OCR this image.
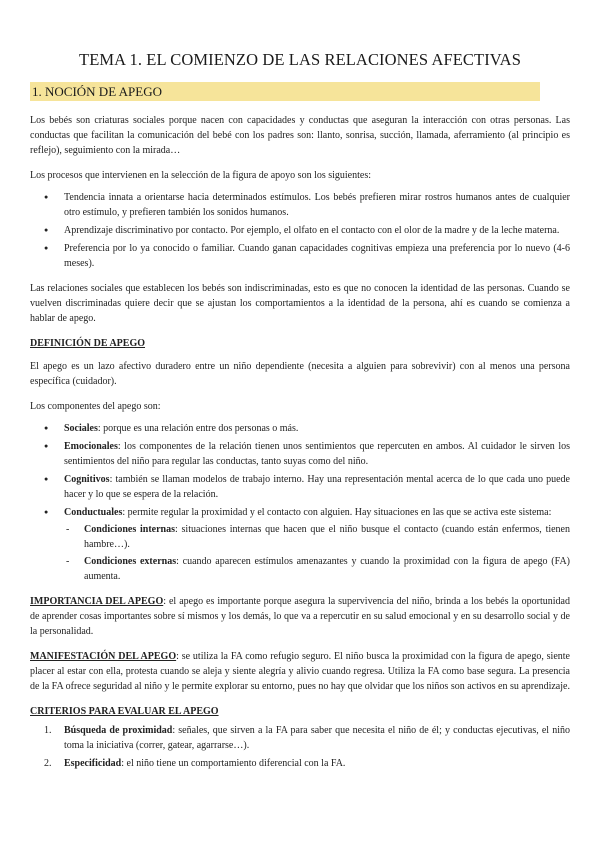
TEMA 1. EL COMIENZO DE LAS RELACIONES AFECTIVAS
1. NOCIÓN DE APEGO

Los bebés son criaturas sociales porque nacen con capacidades y conductas que aseguran la interacción con otras personas. Las conductas que facilitan la comunicación del bebé con los padres son: llanto, sonrisa, succión, llamada, aferramiento (al principio es reflejo), seguimiento con la mirada…

Los procesos que intervienen en la selección de la figura de apoyo son los siguientes:

● Tendencia innata a orientarse hacia determinados estímulos. Los bebés prefieren mirar rostros humanos antes de cualquier otro estímulo, y prefieren también los sonidos humanos.
● Aprendizaje discriminativo por contacto. Por ejemplo, el olfato en el contacto con el olor de la madre y de la leche materna.
● Preferencia por lo ya conocido o familiar. Cuando ganan capacidades cognitivas empieza una preferencia por lo nuevo (4-6 meses).

Las relaciones sociales que establecen los bebés son indiscriminadas, esto es que no conocen la identidad de las personas. Cuando se vuelven discriminadas quiere decir que se ajustan los comportamientos a la identidad de la persona, ahí es cuando se comienza a hablar de apego.

DEFINICIÓN DE APEGO

El apego es un lazo afectivo duradero entre un niño dependiente (necesita a alguien para sobrevivir) con al menos una persona específica (cuidador).

Los componentes del apego son:

● Sociales: porque es una relación entre dos personas o más.
● Emocionales: los componentes de la relación tienen unos sentimientos que repercuten en ambos. Al cuidador le sirven los sentimientos del niño para regular las conductas, tanto suyas como del niño.
● Cognitivos: también se llaman modelos de trabajo interno. Hay una representación mental acerca de lo que cada uno puede hacer y lo que se espera de la relación.
● Conductuales: permite regular la proximidad y el contacto con alguien. Hay situaciones en las que se activa este sistema:
- Condiciones internas: situaciones internas que hacen que el niño busque el contacto (cuando están enfermos, tienen hambre…).
- Condiciones externas: cuando aparecen estímulos amenazantes y cuando la proximidad con la figura de apego (FA) aumenta.

IMPORTANCIA DEL APEGO: el apego es importante porque asegura la supervivencia del niño, brinda a los bebés la oportunidad de aprender cosas importantes sobre sí mismos y los demás, lo que va a repercutir en su salud emocional y en su desarrollo social y de la personalidad.

MANIFESTACIÓN DEL APEGO: se utiliza la FA como refugio seguro. El niño busca la proximidad con la figura de apego, siente placer al estar con ella, protesta cuando se aleja y siente alegría y alivio cuando regresa. Utiliza la FA como base segura. La presencia de la FA ofrece seguridad al niño y le permite explorar su entorno, pues no hay que olvidar que los niños son activos en su aprendizaje.

CRITERIOS PARA EVALUAR EL APEGO
1. Búsqueda de proximidad: señales, que sirven a la FA para saber que necesita el niño de él; y conductas ejecutivas, el niño toma la iniciativa (correr, gatear, agarrarse…).
2. Especificidad: el niño tiene un comportamiento diferencial con la FA.
